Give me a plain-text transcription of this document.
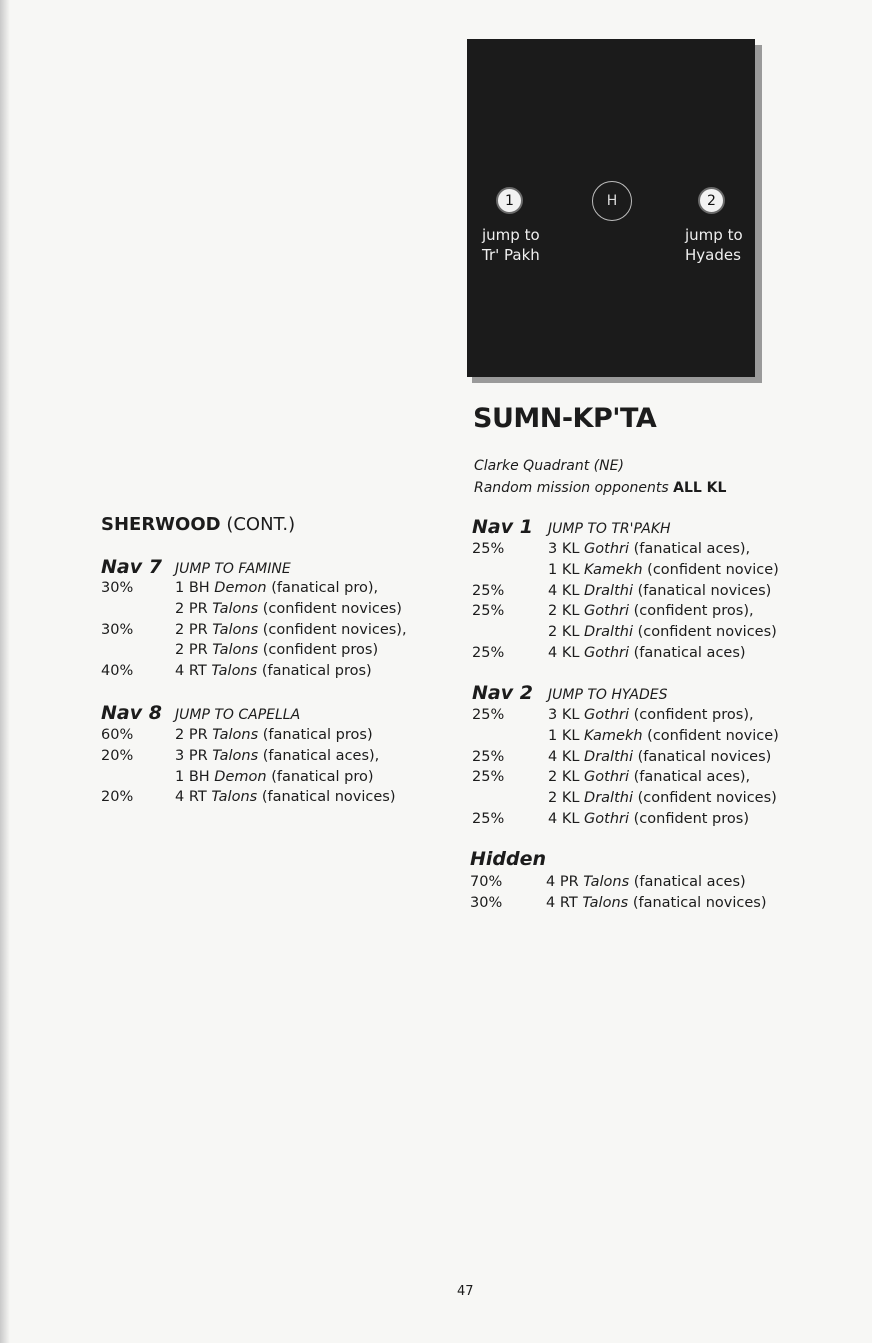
1	H	2
jump to
Tr' Pakh
jump to
Hyades
SUMN-KP'TA
Clarke Quadrant (NE)
Random mission opponents ALL KL
SHERWOOD (CONT.)
Nav 7 JUMP TO FAMINE
30%	1 BH Demon (fanatical pro),
2 PR Talons (confident novices)
30%	2 PR Talons (confident novices),
2 PR Talons (confident pros)
40%	4 RT Talons (fanatical pros)
Nav 8 JUMP TO CAPELLA
60%	2 PR Talons (fanatical pros)
20%	3 PR Talons (fanatical aces),
1 BH Demon (fanatical pro)
20%	4 RT Talons (fanatical novices)
Nav 1 JUMP TO TR'PAKH
25%	3 KL Gothri (fanatical aces),
1 KL Kamekh (confident novice)
25%	4 KL Dralthi (fanatical novices)
25%	2 KL Gothri (confident pros),
2 KL Dralthi (confident novices)
25%	4 KL Gothri (fanatical aces)
Nav 2 JUMP TO HYADES
25%	3 KL Gothri (confident pros),
1 KL Kamekh (confident novice)
25%	4 KL Dralthi (fanatical novices)
25%	2 KL Gothri (fanatical aces),
2 KL Dralthi (confident novices)
25%	4 KL Gothri (confident pros)
Hidden
70%	4 PR Talons (fanatical aces)
30%	4 RT Talons (fanatical novices)
47
